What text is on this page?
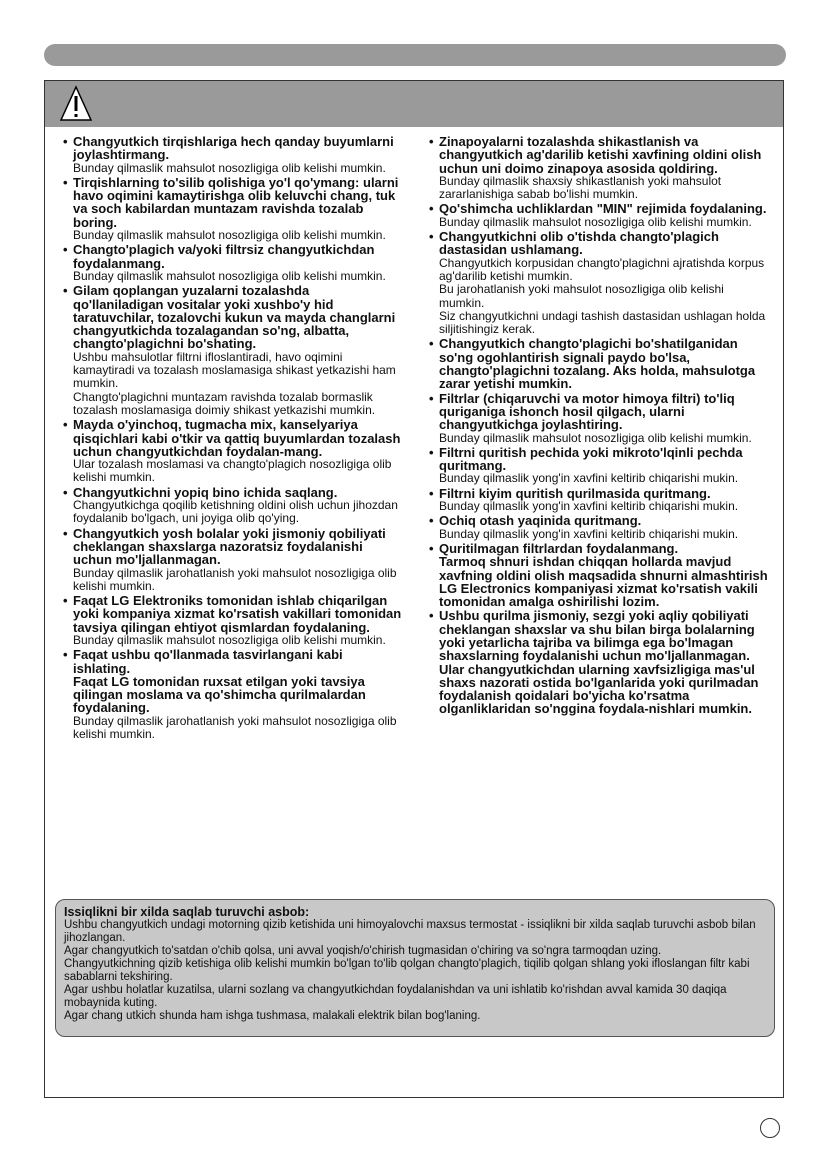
• Changyutkich tirqishlariga hech qanday buyumlarni joylashtirmang.
Bunday qilmaslik mahsulot nosozligiga olib kelishi mumkin.
• Tirqishlarning to'silib qolishiga yo'l qo'ymang: ularni havo oqimini kamaytirishga olib keluvchi chang, tuk va soch kabilardan muntazam ravishda tozalab boring.
Bunday qilmaslik mahsulot nosozligiga olib kelishi mumkin.
• Changto'plagich va/yoki filtrsiz changyutkichdan foydalanmang.
Bunday qilmaslik mahsulot nosozligiga olib kelishi mumkin.
• Gilam qoplangan yuzalarni tozalashda qo'llaniladigan vositalar yoki xushbo'y hid taratuvchilar, tozalovchi kukun va mayda changlarni changyutkichda tozalagandan so'ng, albatta, changto'plagichni bo'shating.
Ushbu mahsulotlar filtrni ifloslantiradi, havo oqimini kamaytiradi va tozalash moslamasiga shikast yetkazishi ham mumkin.
Changto'plagichni muntazam ravishda tozalab bormaslik tozalash moslamasiga doimiy shikast yetkazishi mumkin.
• Mayda o'yinchoq, tugmacha mix, kanselyariya qisqichlari kabi o'tkir va qattiq buyumlardan tozalash uchun changyutkichdan foydalan-mang.
Ular tozalash moslamasi va changto'plagich nosozligiga olib kelishi mumkin.
• Changyutkichni yopiq bino ichida saqlang.
Changyutkichga qoqilib ketishning oldini olish uchun jihozdan foydalanib bo'lgach, uni joyiga olib qo'ying.
• Changyutkich yosh bolalar yoki jismoniy qobiliyati cheklangan shaxslarga nazoratsiz foydalanishi uchun mo'ljallanmagan.
Bunday qilmaslik jarohatlanish yoki mahsulot nosozligiga olib kelishi mumkin.
• Faqat LG Elektroniks tomonidan ishlab chiqarilgan yoki kompaniya xizmat ko'rsatish vakillari tomonidan tavsiya qilingan ehtiyot qismlardan foydalaning.
Bunday qilmaslik mahsulot nosozligiga olib kelishi mumkin.
• Faqat ushbu qo'llanmada tasvirlangani kabi ishlating.
Faqat LG tomonidan ruxsat etilgan yoki tavsiya qilingan moslama va qo'shimcha qurilmalardan foydalaning.
Bunday qilmaslik jarohatlanish yoki mahsulot nosozligiga olib kelishi mumkin.
• Zinapoyalarni tozalashda shikastlanish va changyutkich ag'darilib ketishi xavfining oldini olish uchun uni doimo zinapoya asosida qoldiring.
Bunday qilmaslik shaxsiy shikastlanish yoki mahsulot zararlanishiga sabab bo'lishi mumkin.
• Qo'shimcha uchliklardan "MIN" rejimida foydalaning.
Bunday qilmaslik mahsulot nosozligiga olib kelishi mumkin.
• Changyutkichni olib o'tishda changto'plagich dastasidan ushlamang.
Changyutkich korpusidan changto'plagichni ajratishda korpus ag'darilib ketishi mumkin.
Bu jarohatlanish yoki mahsulot nosozligiga olib kelishi mumkin.
Siz changyutkichni undagi tashish dastasidan ushlagan holda siljitishingiz kerak.
• Changyutkich changto'plagichi bo'shatilganidan so'ng ogohlantirish signali paydo bo'lsa, changto'plagichni tozalang. Aks holda, mahsulotga zarar yetishi mumkin.
• Filtrlar (chiqaruvchi va motor himoya filtri) to'liq quriganiga ishonch hosil qilgach, ularni changyutkichga joylashtiring.
Bunday qilmaslik mahsulot nosozligiga olib kelishi mumkin.
• Filtrni quritish pechida yoki mikroto'lqinli pechda quritmang.
Bunday qilmaslik yong'in xavfini keltirib chiqarishi mukin.
• Filtrni kiyim quritish qurilmasida quritmang.
Bunday qilmaslik yong'in xavfini keltirib chiqarishi mukin.
• Ochiq otash yaqinida quritmang.
Bunday qilmaslik yong'in xavfini keltirib chiqarishi mukin.
• Quritilmagan filtrlardan foydalanmang.
Tarmoq shnuri ishdan chiqqan hollarda mavjud xavfning oldini olish maqsadida shnurni almashtirish LG Electronics kompaniyasi xizmat ko'rsatish vakili tomonidan amalga oshirilishi lozim.
• Ushbu qurilma jismoniy, sezgi yoki aqliy qobiliyati cheklangan shaxslar va shu bilan birga bolalarning yoki yetarlicha tajriba va bilimga ega bo'lmagan shaxslarning foydalanishi uchun mo'ljallanmagan.
Ular changyutkichdan ularning xavfsizligiga mas'ul shaxs nazorati ostida bo'lganlarida yoki qurilmadan foydalanish qoidalari bo'yicha ko'rsatma olganliklaridan so'nggina foydala-nishlari mumkin.
Issiqlikni bir xilda saqlab turuvchi asbob:
Ushbu changyutkich undagi motorning qizib ketishida uni himoyalovchi maxsus termostat - issiqlikni bir xilda saqlab turuvchi asbob bilan jihozlangan.
Agar changyutkich to'satdan o'chib qolsa, uni avval yoqish/o'chirish tugmasidan o'chiring va so'ngra tarmoqdan uzing.
Changyutkichning qizib ketishiga olib kelishi mumkin bo'lgan to'lib qolgan changto'plagich, tiqilib qolgan shlang yoki ifloslangan filtr kabi sabablarni tekshiring.
Agar ushbu holatlar kuzatilsa, ularni sozlang va changyutkichdan foydalanishdan va uni ishlatib ko'rishdan avval kamida 30 daqiqa mobaynida kuting.
Agar chang utkich shunda ham ishga tushmasa, malakali elektrik bilan bog'laning.
